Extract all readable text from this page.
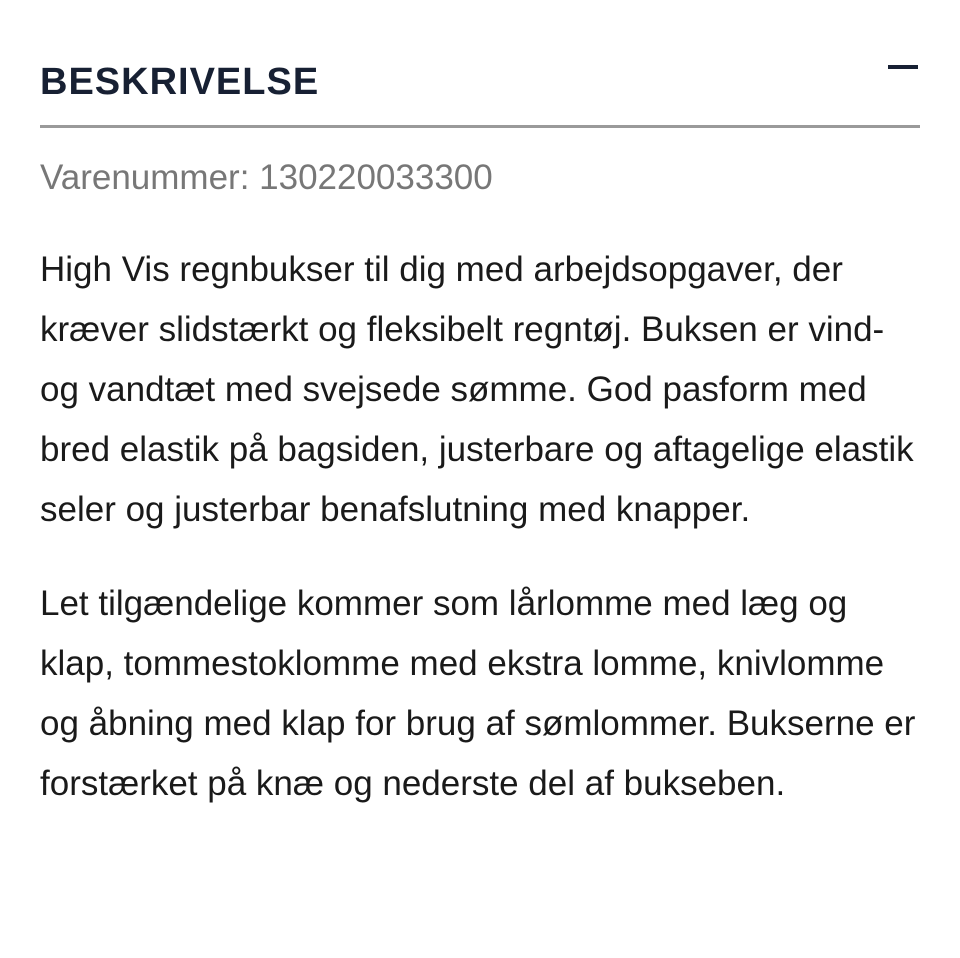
BESKRIVELSE

Varenummer: 130220033300

High Vis regnbukser til dig med arbejdsopgaver, der kræver slidstærkt og fleksibelt regntøj. Buksen er vind- og vandtæt med svejsede sømme. God pasform med bred elastik på bagsiden, justerbare og aftagelige elastik seler og justerbar benafslutning med knapper.

Let tilgændelige kommer som lårlomme med læg og klap, tommestoklomme med ekstra lomme, knivlomme og åbning med klap for brug af sømlommer. Bukserne er forstærket på knæ og nederste del af bukseben.
